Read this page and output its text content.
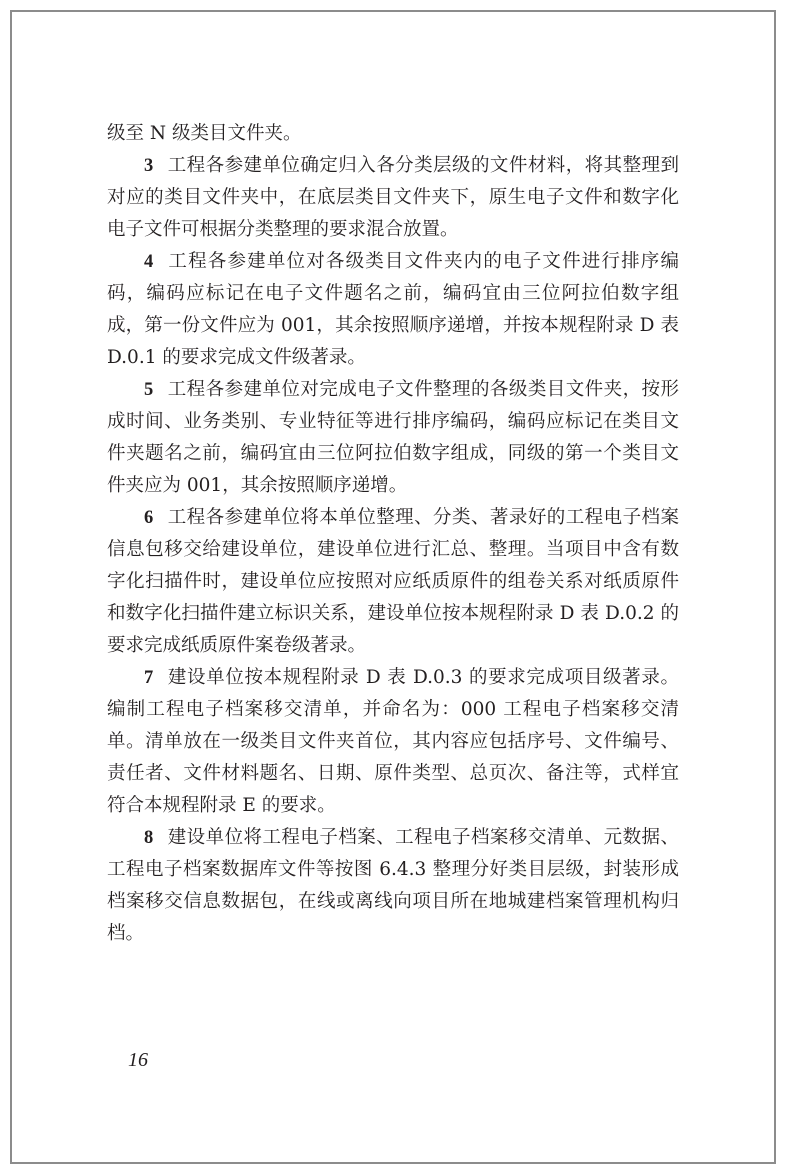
级至 N 级类目文件夹。

3 工程各参建单位确定归入各分类层级的文件材料，将其整理到对应的类目文件夹中，在底层类目文件夹下，原生电子文件和数字化电子文件可根据分类整理的要求混合放置。

4 工程各参建单位对各级类目文件夹内的电子文件进行排序编码，编码应标记在电子文件题名之前，编码宜由三位阿拉伯数字组成，第一份文件应为 001，其余按照顺序递增，并按本规程附录 D 表 D.0.1 的要求完成文件级著录。

5 工程各参建单位对完成电子文件整理的各级类目文件夹，按形成时间、业务类别、专业特征等进行排序编码，编码应标记在类目文件夹题名之前，编码宜由三位阿拉伯数字组成，同级的第一个类目文件夹应为 001，其余按照顺序递增。

6 工程各参建单位将本单位整理、分类、著录好的工程电子档案信息包移交给建设单位，建设单位进行汇总、整理。当项目中含有数字化扫描件时，建设单位应按照对应纸质原件的组卷关系对纸质原件和数字化扫描件建立标识关系，建设单位按本规程附录 D 表 D.0.2 的要求完成纸质原件案卷级著录。

7 建设单位按本规程附录 D 表 D.0.3 的要求完成项目级著录。编制工程电子档案移交清单，并命名为：000 工程电子档案移交清单。清单放在一级类目文件夹首位，其内容应包括序号、文件编号、责任者、文件材料题名、日期、原件类型、总页次、备注等，式样宜符合本规程附录 E 的要求。

8 建设单位将工程电子档案、工程电子档案移交清单、元数据、工程电子档案数据库文件等按图 6.4.3 整理分好类目层级，封装形成档案移交信息数据包，在线或离线向项目所在地城建档案管理机构归档。

16
